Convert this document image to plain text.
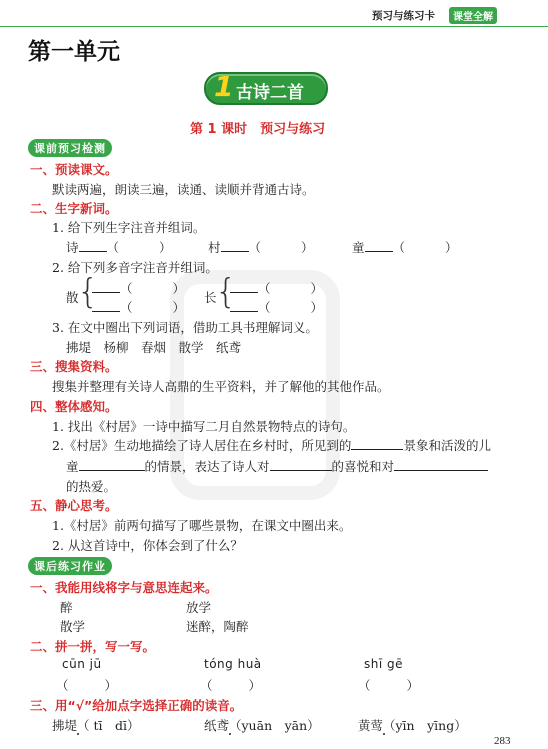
预习与练习卡	课堂全解
第一单元
1 古诗二首
第 1 课时　预习与练习
课前预习检测
一、预读课文。
默读两遍，朗读三遍，读通、读顺并背通古诗。
二、生字新词。
1. 给下列生字注音并组词。
诗 （	）	村 （	）	童 （	）
2. 给下列多音字注音并组词。
散
{	（	）
（	）
长
{	（	）
（	）
3. 在文中圈出下列词语，借助工具书理解词义。
拂堤　杨柳　春烟　散学　纸鸢
三、搜集资料。
搜集并整理有关诗人高鼎的生平资料，并了解他的其他作品。
四、整体感知。
1. 找出《村居》一诗中描写二月自然景物特点的诗句。
2.《村居》生动地描绘了诗人居住在乡村时，所见到的	景象和活泼的儿
童	的情景，表达了诗人对	的喜悦和对
的热爱。
五、静心思考。
1.《村居》前两句描写了哪些景物，在课文中圈出来。
2. 从这首诗中，你体会到了什么？
课后练习作业
一、我能用线将字与意思连起来。
醉	放学
散学	迷醉，陶醉
二、拼一拼，写一写。
cūn jū	tóng huà	shī gē
（	）	（	）	（	）
三、用“√”给加点字选择正确的读音。
拂堤（ tī　dī）	纸鸢（yuān　yān）	黄莺（yīn　yīng）
283
